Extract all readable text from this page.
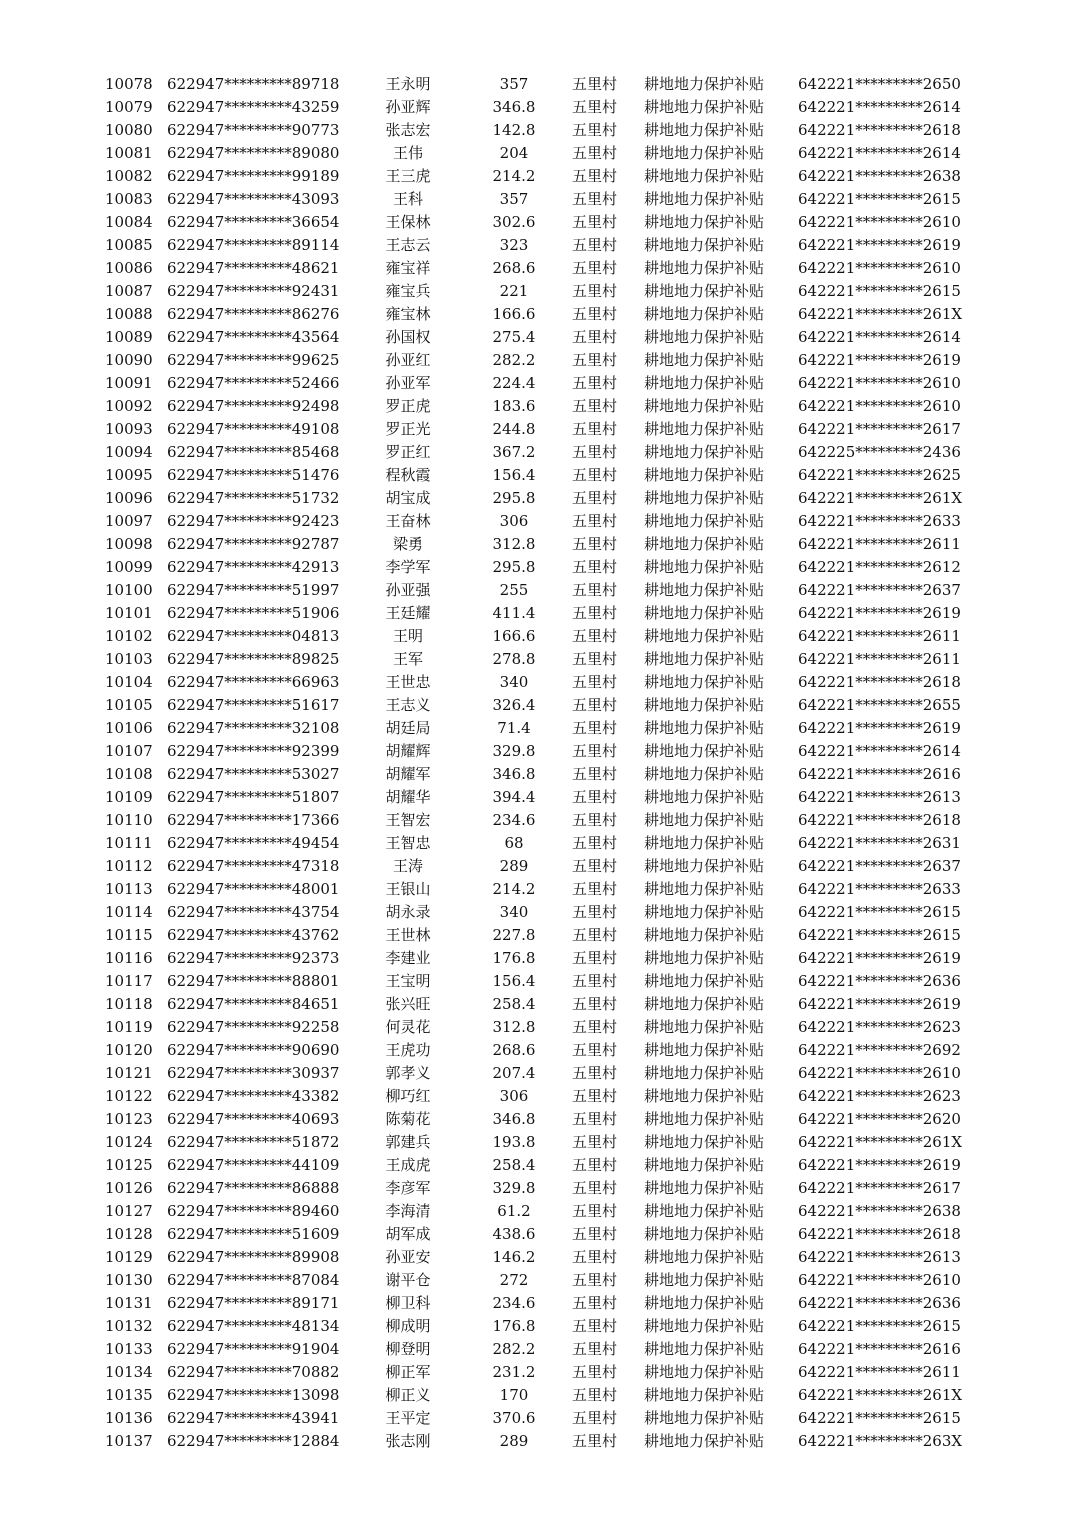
10078 622947*********89718	王永明	357	五里村 耕地地力保护补贴 642221*********2650
10079 622947*********43259	孙亚辉	346.8	五里村 耕地地力保护补贴 642221*********2614
10080 622947*********90773	张志宏	142.8	五里村 耕地地力保护补贴 642221*********2618
10081 622947*********89080	王伟	204	五里村 耕地地力保护补贴 642221*********2614
10082 622947*********99189	王三虎	214.2	五里村 耕地地力保护补贴 642221*********2638
10083 622947*********43093	王科	357	五里村 耕地地力保护补贴 642221*********2615
10084 622947*********36654	王保林	302.6	五里村 耕地地力保护补贴 642221*********2610
10085 622947*********89114	王志云	323	五里村 耕地地力保护补贴 642221*********2619
10086 622947*********48621	雍宝祥	268.6	五里村 耕地地力保护补贴 642221*********2610
10087 622947*********92431	雍宝兵	221	五里村 耕地地力保护补贴 642221*********2615
10088 622947*********86276	雍宝林	166.6	五里村 耕地地力保护补贴 642221*********261X
10089 622947*********43564	孙国权	275.4	五里村 耕地地力保护补贴 642221*********2614
10090 622947*********99625	孙亚红	282.2	五里村 耕地地力保护补贴 642221*********2619
10091 622947*********52466	孙亚军	224.4	五里村 耕地地力保护补贴 642221*********2610
10092 622947*********92498	罗正虎	183.6	五里村 耕地地力保护补贴 642221*********2610
10093 622947*********49108	罗正光	244.8	五里村 耕地地力保护补贴 642221*********2617
10094 622947*********85468	罗正红	367.2	五里村 耕地地力保护补贴 642225*********2436
10095 622947*********51476	程秋霞	156.4	五里村 耕地地力保护补贴 642221*********2625
10096 622947*********51732	胡宝成	295.8	五里村 耕地地力保护补贴 642221*********261X
10097 622947*********92423	王奋林	306	五里村 耕地地力保护补贴 642221*********2633
10098 622947*********92787	梁勇	312.8	五里村 耕地地力保护补贴 642221*********2611
10099 622947*********42913	李学军	295.8	五里村 耕地地力保护补贴 642221*********2612
10100 622947*********51997	孙亚强	255	五里村 耕地地力保护补贴 642221*********2637
10101 622947*********51906	王廷耀	411.4	五里村 耕地地力保护补贴 642221*********2619
10102 622947*********04813	王明	166.6	五里村 耕地地力保护补贴 642221*********2611
10103 622947*********89825	王军	278.8	五里村 耕地地力保护补贴 642221*********2611
10104 622947*********66963	王世忠	340	五里村 耕地地力保护补贴 642221*********2618
10105 622947*********51617	王志义	326.4	五里村 耕地地力保护补贴 642221*********2655
10106 622947*********32108	胡廷局	71.4	五里村 耕地地力保护补贴 642221*********2619
10107 622947*********92399	胡耀辉	329.8	五里村 耕地地力保护补贴 642221*********2614
10108 622947*********53027	胡耀军	346.8	五里村 耕地地力保护补贴 642221*********2616
10109 622947*********51807	胡耀华	394.4	五里村 耕地地力保护补贴 642221*********2613
10110 622947*********17366	王智宏	234.6	五里村 耕地地力保护补贴 642221*********2618
10111 622947*********49454	王智忠	68	五里村 耕地地力保护补贴 642221*********2631
10112 622947*********47318	王涛	289	五里村 耕地地力保护补贴 642221*********2637
10113 622947*********48001	王银山	214.2	五里村 耕地地力保护补贴 642221*********2633
10114 622947*********43754	胡永录	340	五里村 耕地地力保护补贴 642221*********2615
10115 622947*********43762	王世林	227.8	五里村 耕地地力保护补贴 642221*********2615
10116 622947*********92373	李建业	176.8	五里村 耕地地力保护补贴 642221*********2619
10117 622947*********88801	王宝明	156.4	五里村 耕地地力保护补贴 642221*********2636
10118 622947*********84651	张兴旺	258.4	五里村 耕地地力保护补贴 642221*********2619
10119 622947*********92258	何灵花	312.8	五里村 耕地地力保护补贴 642221*********2623
10120 622947*********90690	王虎功	268.6	五里村 耕地地力保护补贴 642221*********2692
10121 622947*********30937	郭孝义	207.4	五里村 耕地地力保护补贴 642221*********2610
10122 622947*********43382	柳巧红	306	五里村 耕地地力保护补贴 642221*********2623
10123 622947*********40693	陈菊花	346.8	五里村 耕地地力保护补贴 642221*********2620
10124 622947*********51872	郭建兵	193.8	五里村 耕地地力保护补贴 642221*********261X
10125 622947*********44109	王成虎	258.4	五里村 耕地地力保护补贴 642221*********2619
10126 622947*********86888	李彦军	329.8	五里村 耕地地力保护补贴 642221*********2617
10127 622947*********89460	李海清	61.2	五里村 耕地地力保护补贴 642221*********2638
10128 622947*********51609	胡军成	438.6	五里村 耕地地力保护补贴 642221*********2618
10129 622947*********89908	孙亚安	146.2	五里村 耕地地力保护补贴 642221*********2613
10130 622947*********87084	谢平仓	272	五里村 耕地地力保护补贴 642221*********2610
10131 622947*********89171	柳卫科	234.6	五里村 耕地地力保护补贴 642221*********2636
10132 622947*********48134	柳成明	176.8	五里村 耕地地力保护补贴 642221*********2615
10133 622947*********91904	柳登明	282.2	五里村 耕地地力保护补贴 642221*********2616
10134 622947*********70882	柳正军	231.2	五里村 耕地地力保护补贴 642221*********2611
10135 622947*********13098	柳正义	170	五里村 耕地地力保护补贴 642221*********261X
10136 622947*********43941	王平定	370.6	五里村 耕地地力保护补贴 642221*********2615
10137 622947*********12884	张志刚	289	五里村 耕地地力保护补贴 642221*********263X
